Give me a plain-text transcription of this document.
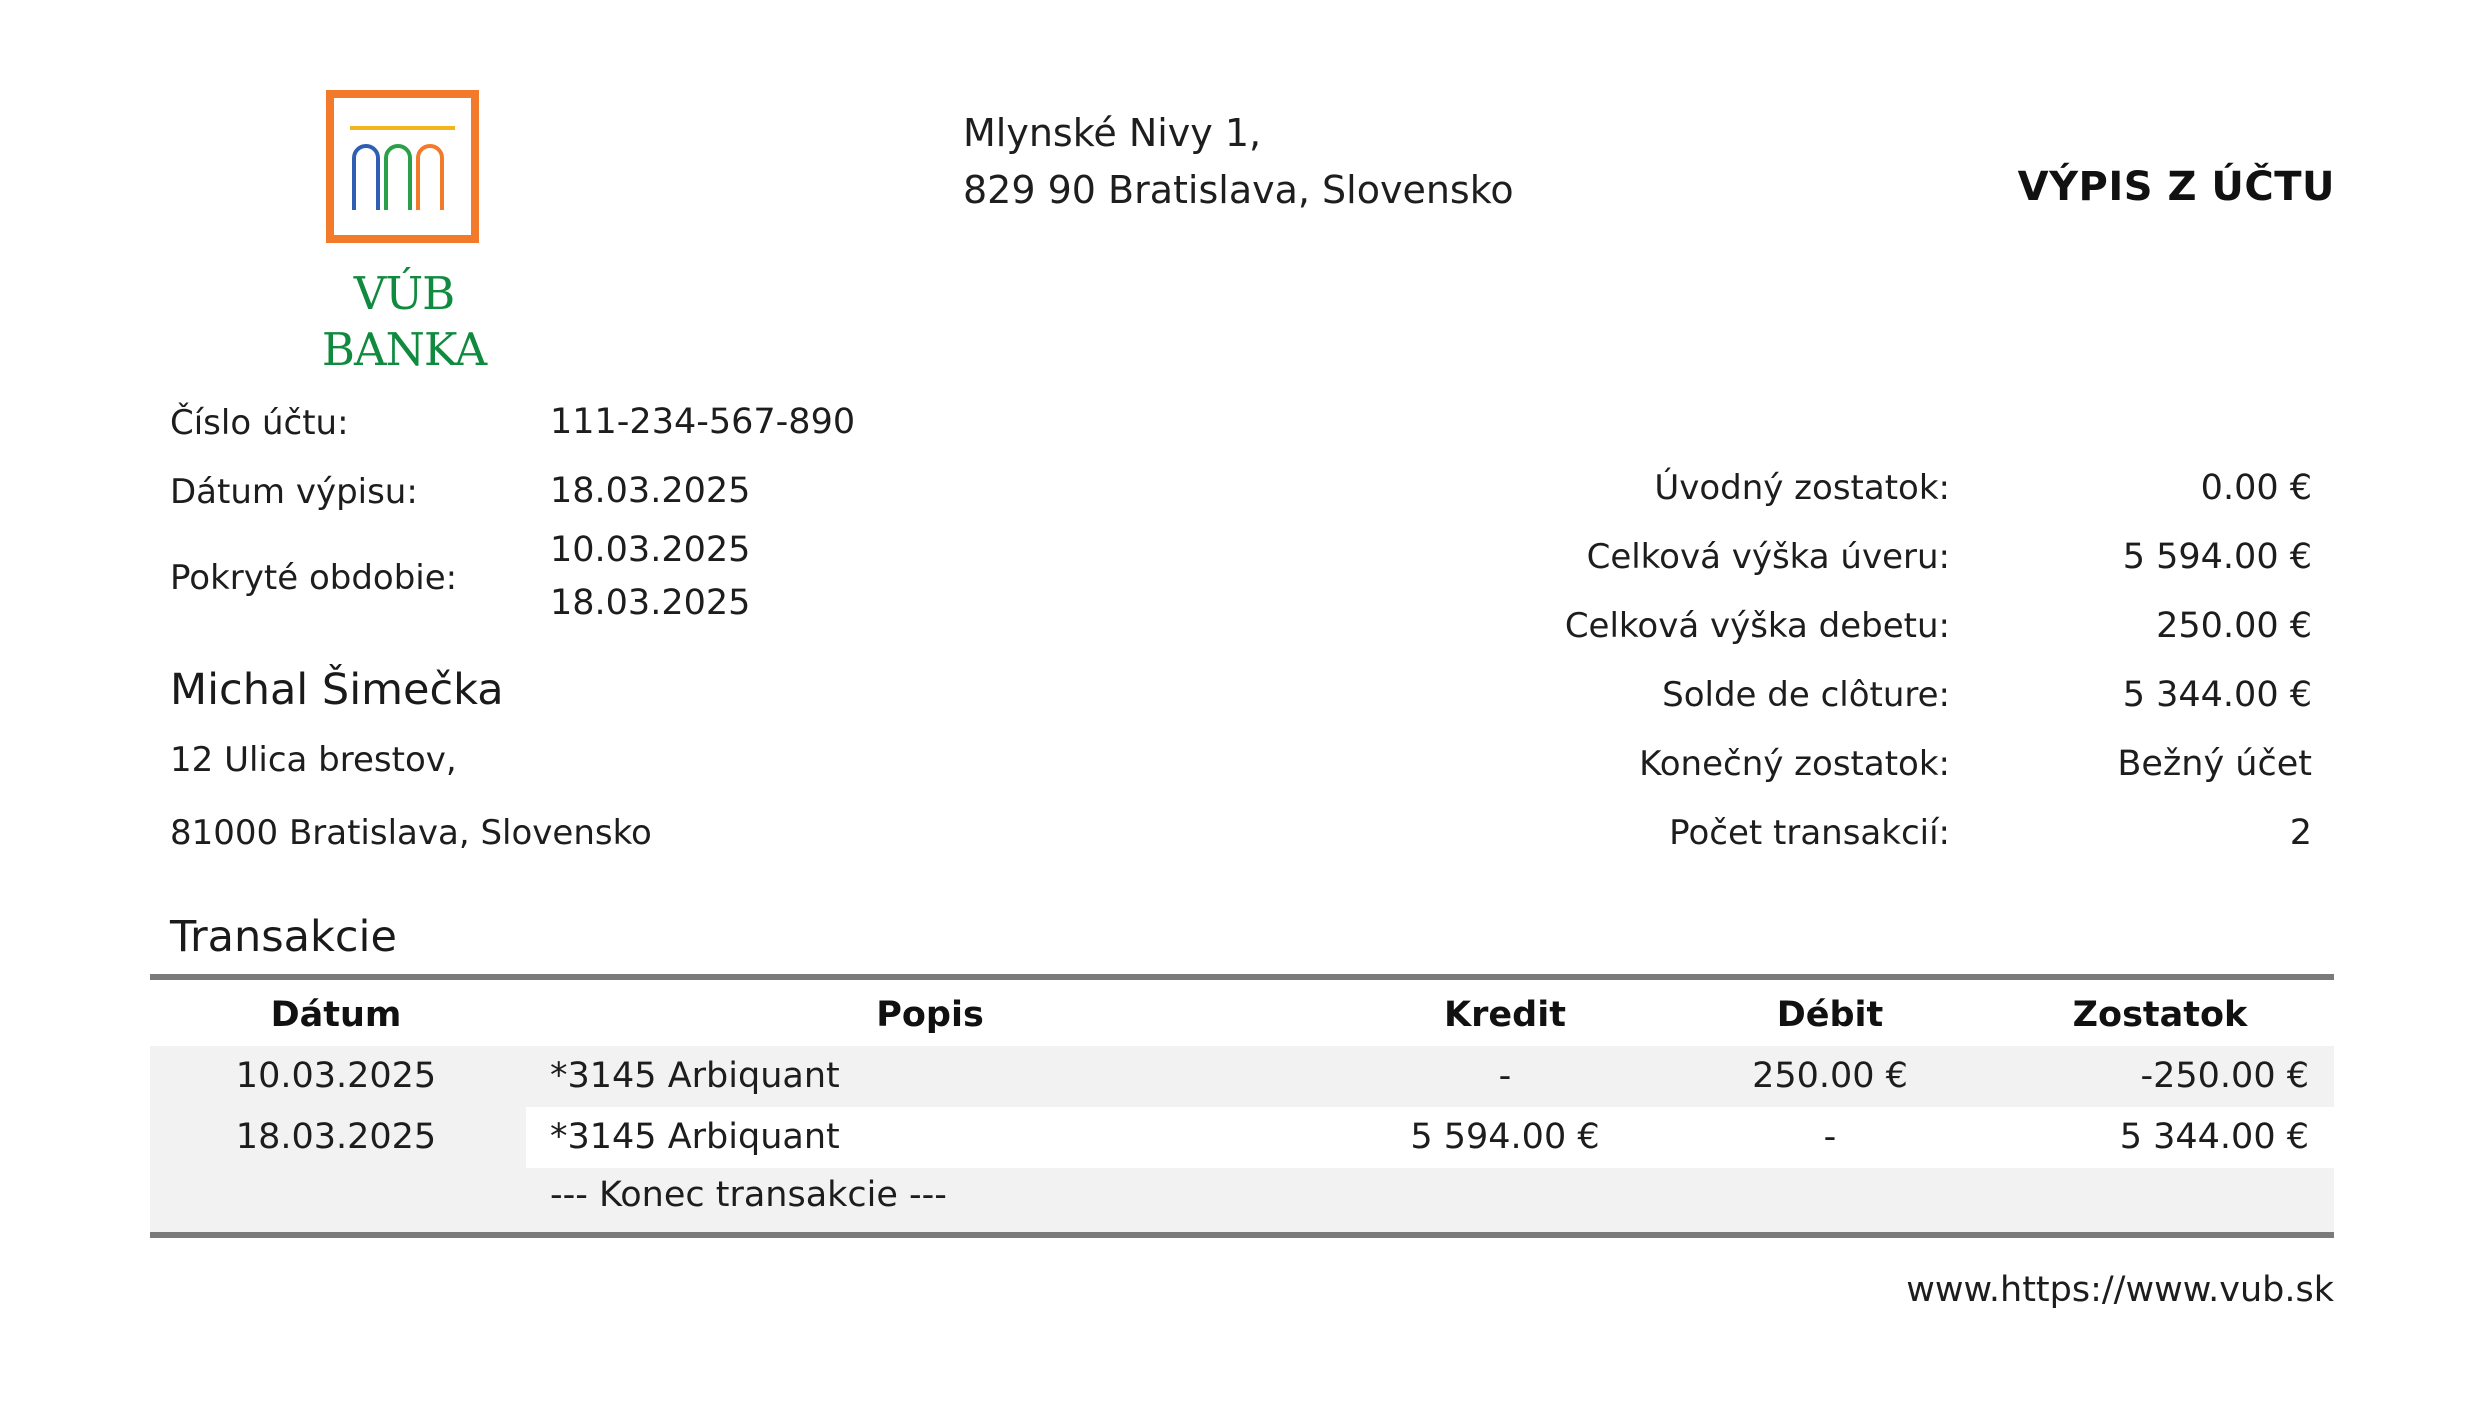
VÚB BANKA
Mlynské Nivy 1,
829 90 Bratislava, Slovensko	VÝPIS Z ÚČTU
Číslo účtu:	111-234-567-890
Dátum výpisu:	18.03.2025
Pokryté obdobie:
10.03.2025
18.03.2025
Michal Šimečka
12 Ulica brestov,
81000 Bratislava, Slovensko
Úvodný zostatok:	0.00 €
Celková výška úveru:	5 594.00 €
Celková výška debetu:	250.00 €
Solde de clôture:	5 344.00 €
Konečný zostatok:	Bežný účet
Počet transakcií:	2
Transakcie
Dátum	Popis	Kredit	Débit	Zostatok
10.03.2025	*3145 Arbiquant	-	250.00 €	-250.00 €
18.03.2025	*3145 Arbiquant	5 594.00 €	-	5 344.00 €
--- Konec transakcie ---
www.https://www.vub.sk
